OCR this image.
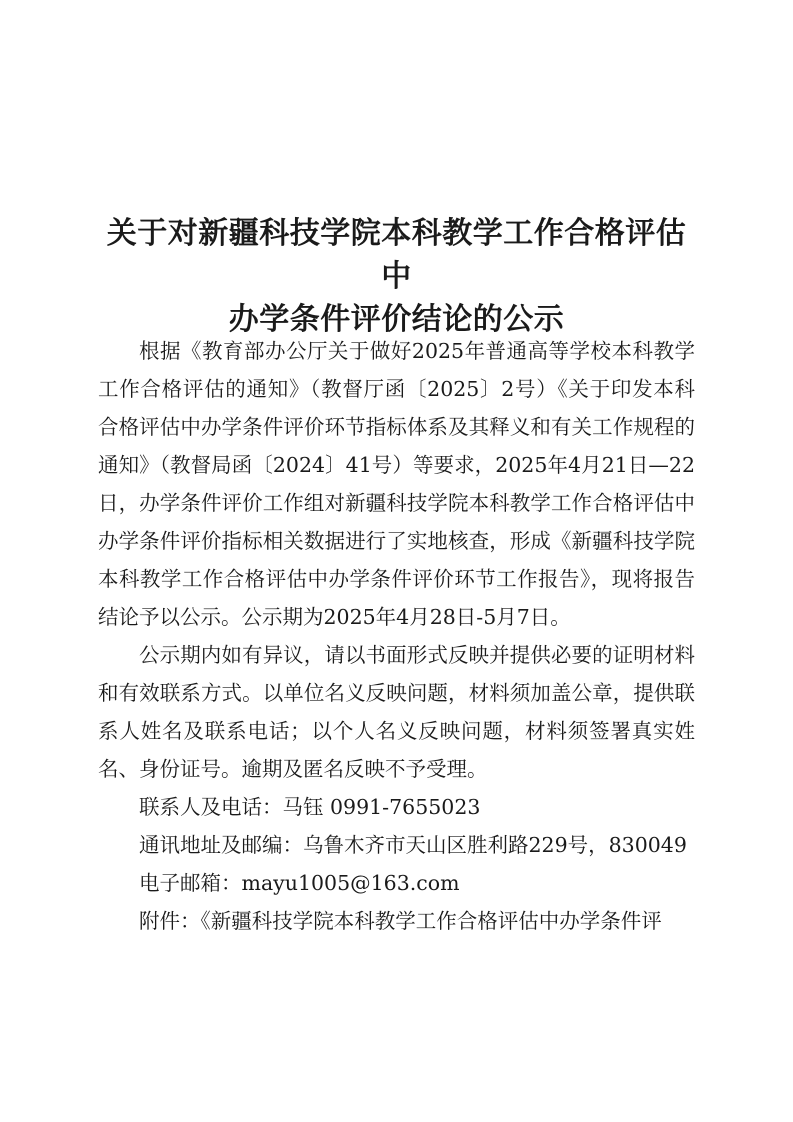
关于对新疆科技学院本科教学工作合格评估中
办学条件评价结论的公示

根据《教育部办公厅关于做好2025年普通高等学校本科教学工作合格评估的通知》（教督厅函〔2025〕2号）《关于印发本科合格评估中办学条件评价环节指标体系及其释义和有关工作规程的通知》（教督局函〔2024〕41号）等要求，2025年4月21日—22日，办学条件评价工作组对新疆科技学院本科教学工作合格评估中办学条件评价指标相关数据进行了实地核查，形成《新疆科技学院本科教学工作合格评估中办学条件评价环节工作报告》，现将报告结论予以公示。公示期为2025年4月28日-5月7日。

公示期内如有异议，请以书面形式反映并提供必要的证明材料和有效联系方式。以单位名义反映问题，材料须加盖公章，提供联系人姓名及联系电话；以个人名义反映问题，材料须签署真实姓名、身份证号。逾期及匿名反映不予受理。

联系人及电话：马钰 0991-7655023

通讯地址及邮编：乌鲁木齐市天山区胜利路229号，830049

电子邮箱：mayu1005@163.com

附件：《新疆科技学院本科教学工作合格评估中办学条件评
